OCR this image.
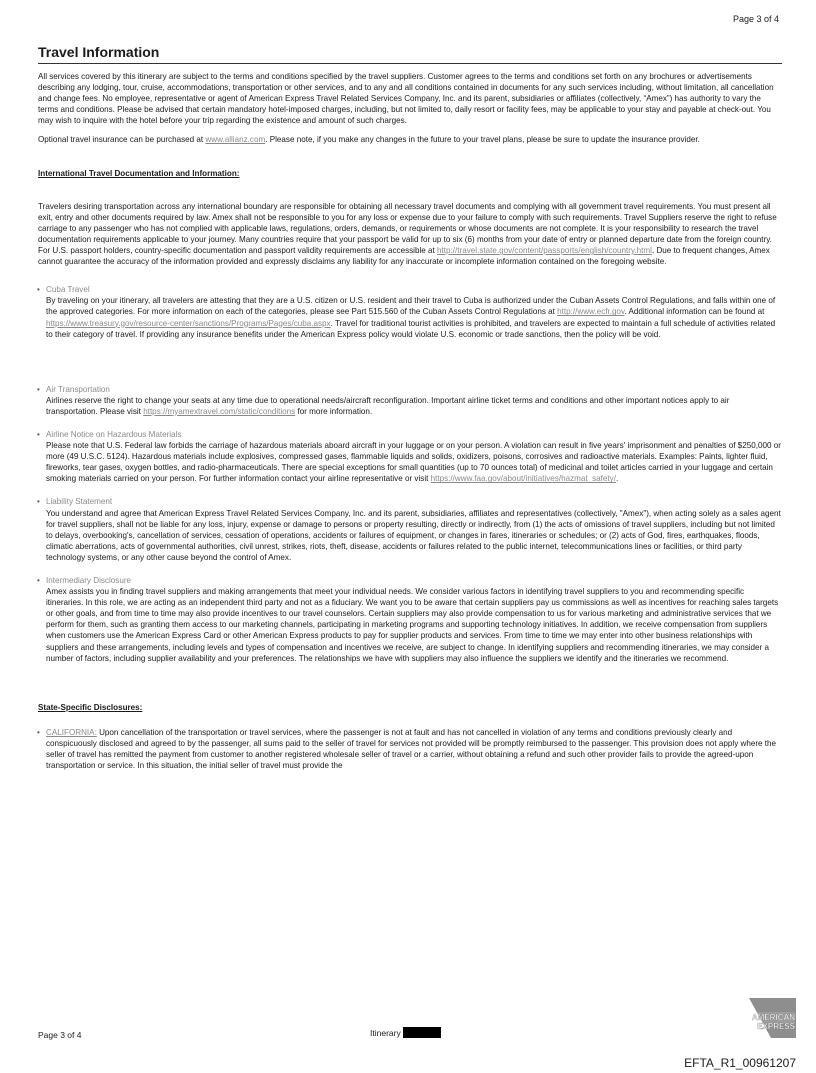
Page 3 of 4
Travel Information

All services covered by this itinerary are subject to the terms and conditions specified by the travel suppliers. Customer agrees to the terms and conditions set forth on any brochures or advertisements describing any lodging, tour, cruise, accommodations, transportation or other services, and to any and all conditions contained in documents for any such services including, without limitation, all cancellation and change fees. No employee, representative or agent of American Express Travel Related Services Company, Inc. and its parent, subsidiaries or affiliates (collectively, “Amex”) has authority to vary the terms and conditions. Please be advised that certain mandatory hotel-imposed charges, including, but not limited to, daily resort or facility fees, may be applicable to your stay and payable at check-out. You may wish to inquire with the hotel before your trip regarding the existence and amount of such charges.

Optional travel insurance can be purchased at www.allianz.com. Please note, if you make any changes in the future to your travel plans, please be sure to update the insurance provider.

International Travel Documentation and Information:

Travelers desiring transportation across any international boundary are responsible for obtaining all necessary travel documents and complying with all government travel requirements. You must present all exit, entry and other documents required by law. Amex shall not be responsible to you for any loss or expense due to your failure to comply with such requirements. Travel Suppliers reserve the right to refuse carriage to any passenger who has not complied with applicable laws, regulations, orders, demands, or requirements or whose documents are not complete. It is your responsibility to research the travel documentation requirements applicable to your journey. Many countries require that your passport be valid for up to six (6) months from your date of entry or planned departure date from the foreign country. For U.S. passport holders, country-specific documentation and passport validity requirements are accessible at http://travel.state.gov/content/passports/english/country.html. Due to frequent changes, Amex cannot guarantee the accuracy of the information provided and expressly disclaims any liability for any inaccurate or incomplete information contained on the foregoing website.

• Cuba Travel
By traveling on your itinerary, all travelers are attesting that they are a U.S. citizen or U.S. resident and their travel to Cuba is authorized under the Cuban Assets Control Regulations, and falls within one of the approved categories. For more information on each of the categories, please see Part 515.560 of the Cuban Assets Control Regulations at http://www.ecfr.gov. Additional information can be found at https://www.treasury.gov/resource-center/sanctions/Programs/Pages/cuba.aspx. Travel for traditional tourist activities is prohibited, and travelers are expected to maintain a full schedule of activities related to their category of travel. If providing any insurance benefits under the American Express policy would violate U.S. economic or trade sanctions, then the policy will be void.
• Air Transportation
Airlines reserve the right to change your seats at any time due to operational needs/aircraft reconfiguration. Important airline ticket terms and conditions and other important notices apply to air transportation. Please visit https://myamextravel.com/static/conditions for more information.
• Airline Notice on Hazardous Materials
Please note that U.S. Federal law forbids the carriage of hazardous materials aboard aircraft in your luggage or on your person. A violation can result in five years' imprisonment and penalties of $250,000 or more (49 U.S.C. 5124). Hazardous materials include explosives, compressed gases, flammable liquids and solids, oxidizers, poisons, corrosives and radioactive materials. Examples: Paints, lighter fluid, fireworks, tear gases, oxygen bottles, and radio-pharmaceuticals. There are special exceptions for small quantities (up to 70 ounces total) of medicinal and toilet articles carried in your luggage and certain smoking materials carried on your person. For further information contact your airline representative or visit https://www.faa.gov/about/initiatives/hazmat_safety/.
• Liability Statement
You understand and agree that American Express Travel Related Services Company, Inc. and its parent, subsidiaries, affiliates and representatives (collectively, "Amex"), when acting solely as a sales agent for travel suppliers, shall not be liable for any loss, injury, expense or damage to persons or property resulting, directly or indirectly, from (1) the acts of omissions of travel suppliers, including but not limited to delays, overbooking's, cancellation of services, cessation of operations, accidents or failures of equipment, or changes in fares, itineraries or schedules; or (2) acts of God, fires, earthquakes, floods, climatic aberrations, acts of governmental authorities, civil unrest, strikes, riots, theft, disease, accidents or failures related to the public internet, telecommunications lines or facilities, or third party technology systems, or any other cause beyond the control of Amex.
• Intermediary Disclosure
Amex assists you in finding travel suppliers and making arrangements that meet your individual needs. We consider various factors in identifying travel suppliers to you and recommending specific itineraries. In this role, we are acting as an independent third party and not as a fiduciary. We want you to be aware that certain suppliers pay us commissions as well as incentives for reaching sales targets or other goals, and from time to time may also provide incentives to our travel counselors. Certain suppliers may also provide compensation to us for various marketing and administrative services that we perform for them, such as granting them access to our marketing channels, participating in marketing programs and supporting technology initiatives. In addition, we receive compensation from suppliers when customers use the American Express Card or other American Express products to pay for supplier products and services. From time to time we may enter into other business relationships with suppliers and these arrangements, including levels and types of compensation and incentives we receive, are subject to change. In identifying suppliers and recommending itineraries, we may consider a number of factors, including supplier availability and your preferences. The relationships we have with suppliers may also influence the suppliers we identify and the itineraries we recommend.

State-Specific Disclosures:

• CALIFORNIA: Upon cancellation of the transportation or travel services, where the passenger is not at fault and has not cancelled in violation of any terms and conditions previously clearly and conspicuously disclosed and agreed to by the passenger, all sums paid to the seller of travel for services not provided will be promptly reimbursed to the passenger. This provision does not apply where the seller of travel has remitted the payment from customer to another registered wholesale seller of travel or a carrier, without obtaining a refund and such other provider fails to provide the agreed-upon transportation or service. In this situation, the initial seller of travel must provide the
AMERICAN
EXPRESS
Page 3 of 4	Itinerary
EFTA_R1_00961207
